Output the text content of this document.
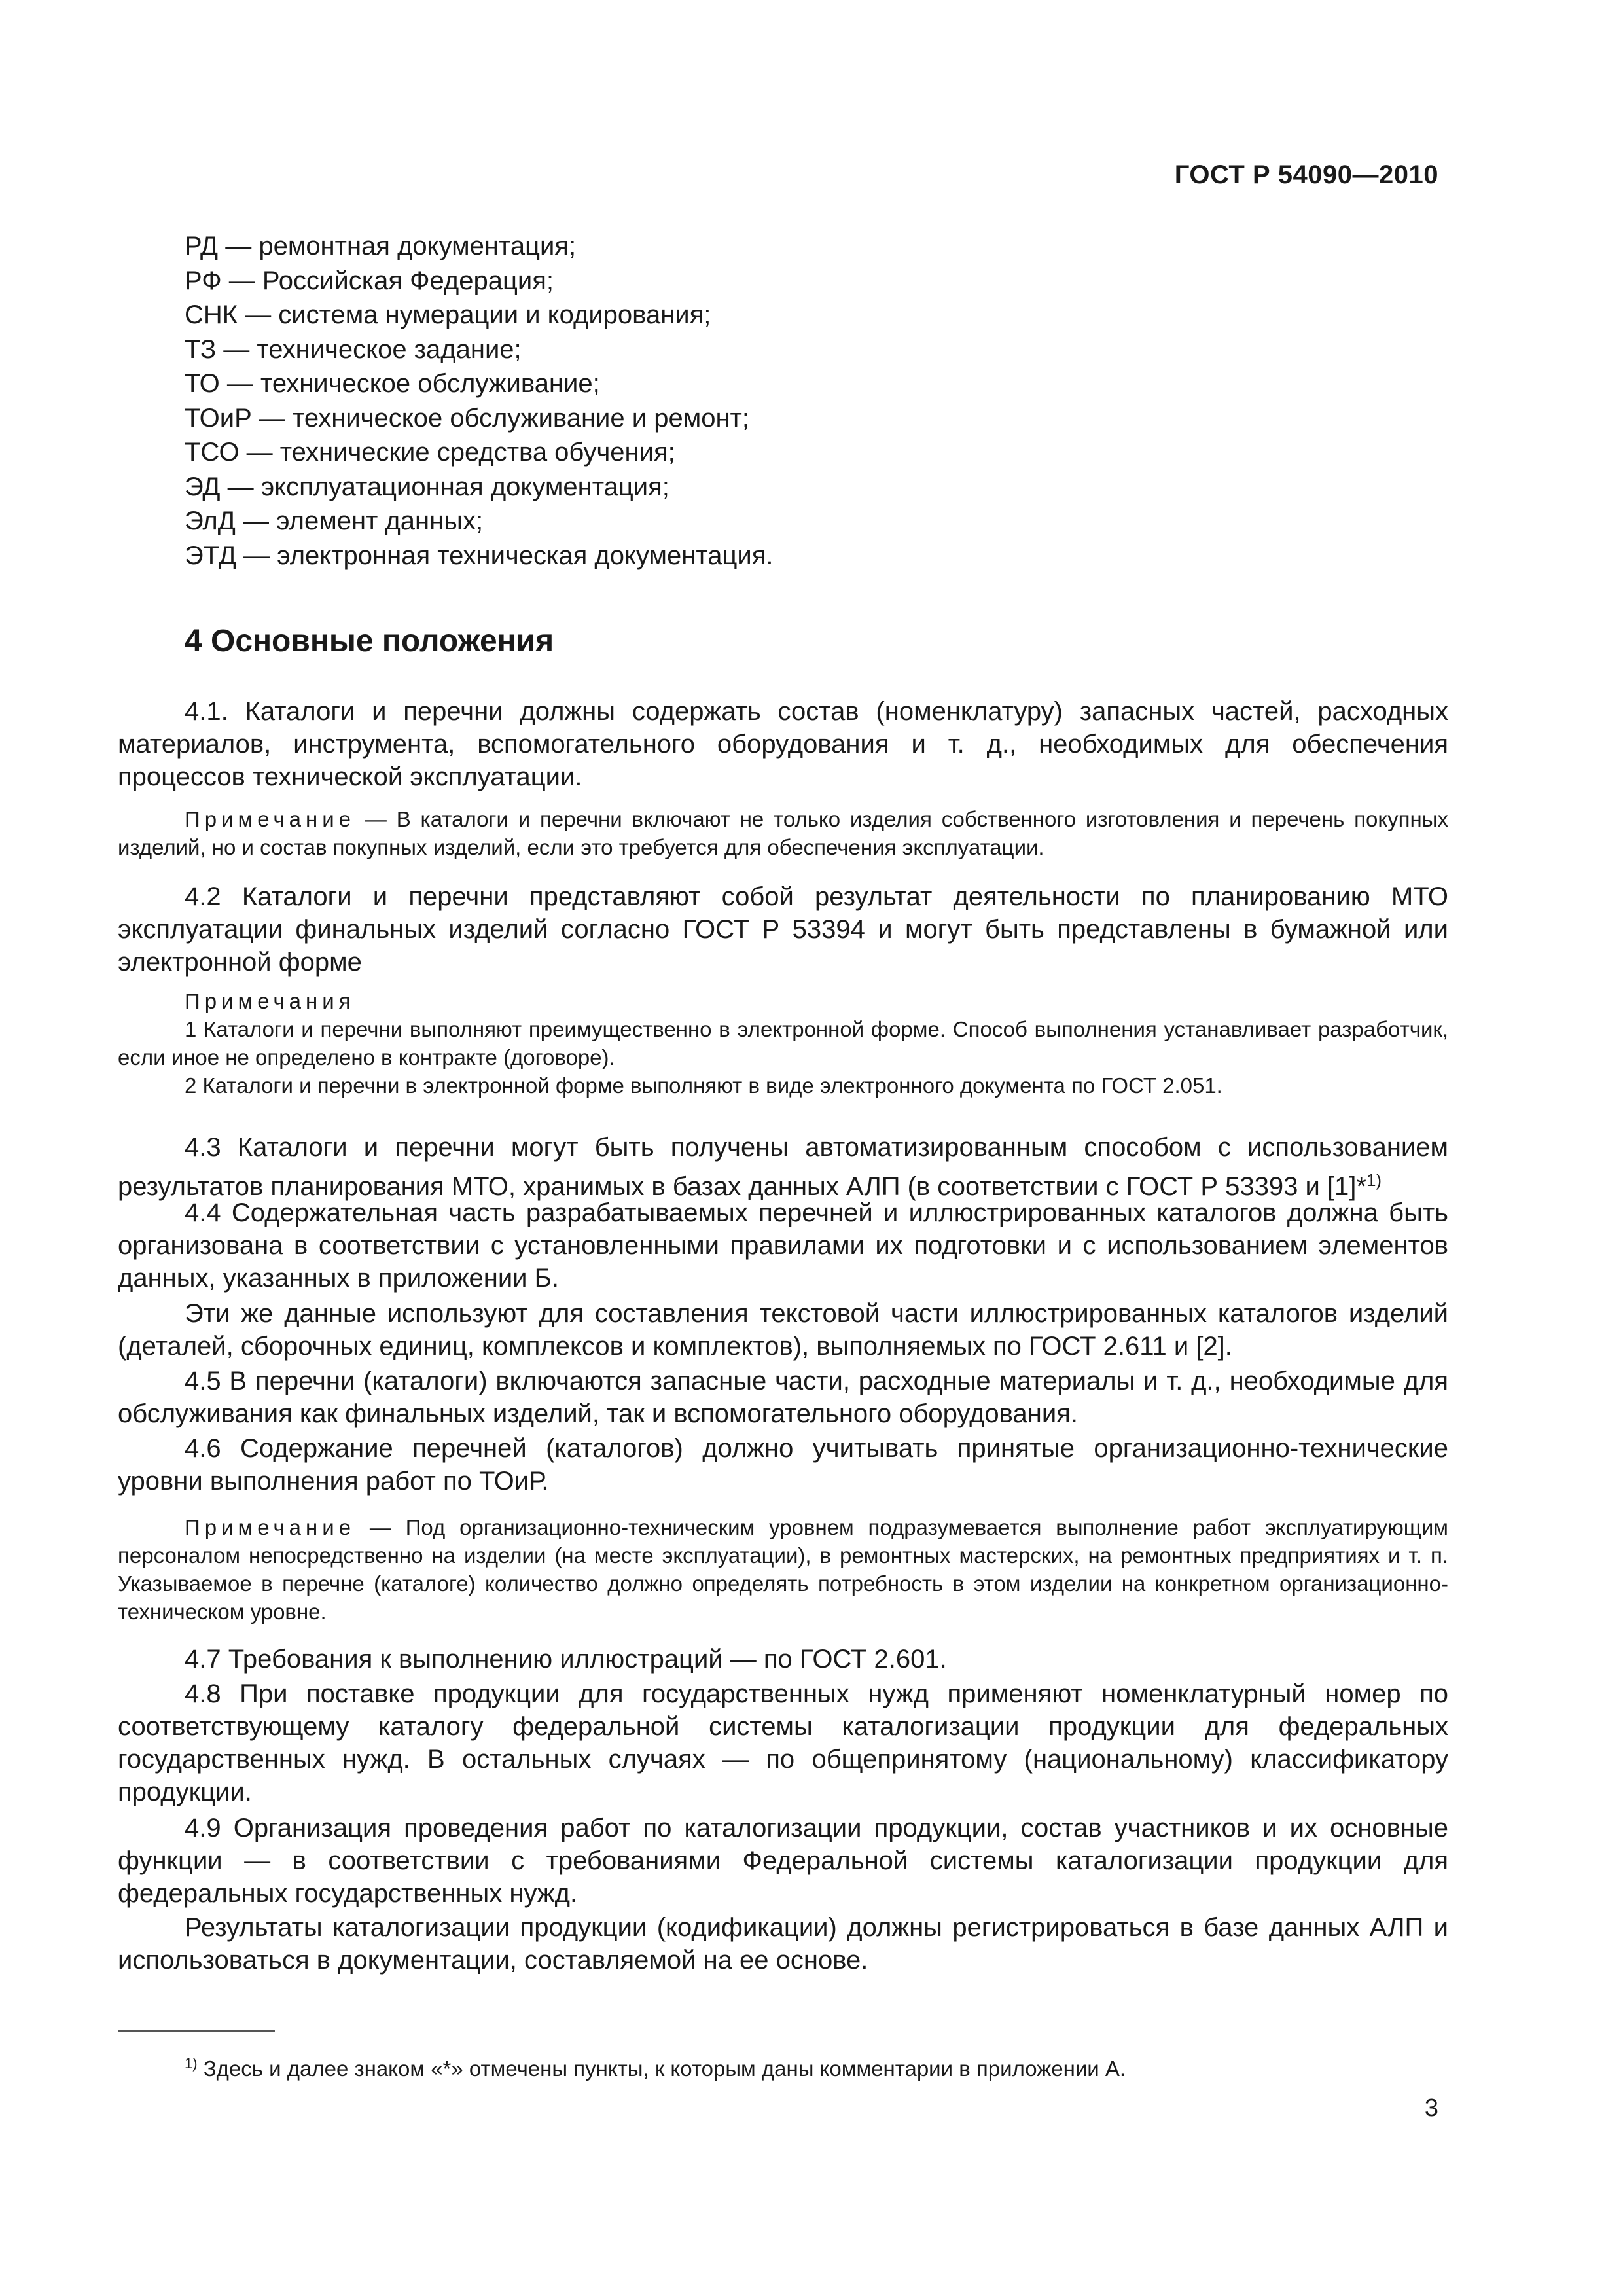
ГОСТ Р 54090—2010
РД — ремонтная документация;
РФ — Российская Федерация;
СНК — система нумерации и кодирования;
ТЗ — техническое задание;
ТО — техническое обслуживание;
ТОиР — техническое обслуживание и ремонт;
ТСО — технические средства обучения;
ЭД — эксплуатационная документация;
ЭлД — элемент данных;
ЭТД — электронная техническая документация.
4 Основные положения

4.1. Каталоги и перечни должны содержать состав (номенклатуру) запасных частей, расходных материалов, инструмента, вспомогательного оборудования и т. д., необходимых для обеспечения процессов технической эксплуатации.

Примечание — В каталоги и перечни включают не только изделия собственного изготовления и перечень покупных изделий, но и состав покупных изделий, если это требуется для обеспечения эксплуатации.

4.2 Каталоги и перечни представляют собой результат деятельности по планированию МТО эксплуатации финальных изделий согласно ГОСТ Р 53394 и могут быть представлены в бумажной или электронной форме

Примечания

1 Каталоги и перечни выполняют преимущественно в электронной форме. Способ выполнения устанавливает разработчик, если иное не определено в контракте (договоре).

2 Каталоги и перечни в электронной форме выполняют в виде электронного документа по ГОСТ 2.051.

4.3 Каталоги и перечни могут быть получены автоматизированным способом с использованием результатов планирования МТО, хранимых в базах данных АЛП (в соответствии с ГОСТ Р 53393 и [1]*$^{1)}$

4.4 Содержательная часть разрабатываемых перечней и иллюстрированных каталогов должна быть организована в соответствии с установленными правилами их подготовки и с использованием элементов данных, указанных в приложении Б.

Эти же данные используют для составления текстовой части иллюстрированных каталогов изделий (деталей, сборочных единиц, комплексов и комплектов), выполняемых по ГОСТ 2.611 и [2].

4.5 В перечни (каталоги) включаются запасные части, расходные материалы и т. д., необходимые для обслуживания как финальных изделий, так и вспомогательного оборудования.

4.6 Содержание перечней (каталогов) должно учитывать принятые организационно-технические уровни выполнения работ по ТОиР.

Примечание — Под организационно-техническим уровнем подразумевается выполнение работ эксплуатирующим персоналом непосредственно на изделии (на месте эксплуатации), в ремонтных мастерских, на ремонтных предприятиях и т. п. Указываемое в перечне (каталоге) количество должно определять потребность в этом изделии на конкретном организационно-техническом уровне.

4.7 Требования к выполнению иллюстраций — по ГОСТ 2.601.

4.8 При поставке продукции для государственных нужд применяют номенклатурный номер по соответствующему каталогу федеральной системы каталогизации продукции для федеральных государственных нужд. В остальных случаях — по общепринятому (национальному) классификатору продукции.

4.9 Организация проведения работ по каталогизации продукции, состав участников и их основные функции — в соответствии с требованиями Федеральной системы каталогизации продукции для федеральных государственных нужд.

Результаты каталогизации продукции (кодификации) должны регистрироваться в базе данных АЛП и использоваться в документации, составляемой на ее основе.

$^{1)}$ Здесь и далее знаком «*» отмечены пункты, к которым даны комментарии в приложении А.
3
